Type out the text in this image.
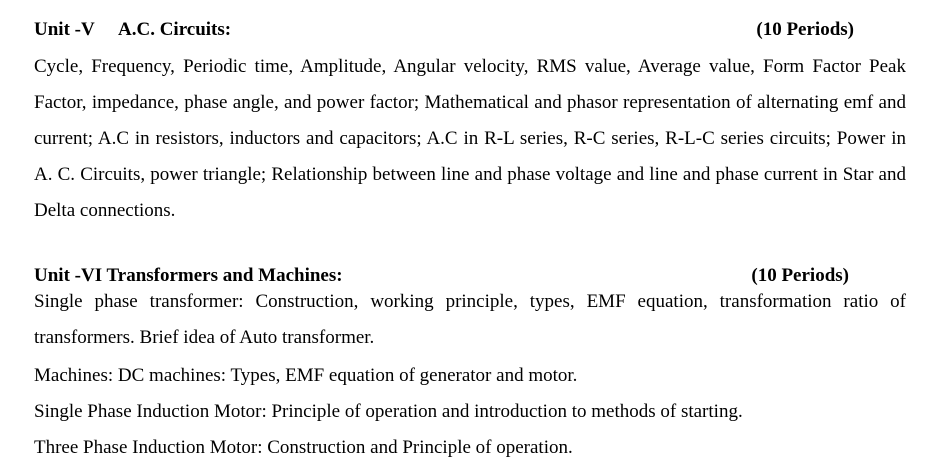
Unit -V A.C. Circuits:	(10 Periods)
Cycle, Frequency, Periodic time, Amplitude, Angular velocity, RMS value, Average value, Form Factor Peak Factor, impedance, phase angle, and power factor; Mathematical and phasor representation of alternating emf and current; A.C in resistors, inductors and capacitors; A.C in R-L series, R-C series, R-L-C series circuits; Power in A. C. Circuits, power triangle; Relationship between line and phase voltage and line and phase current in Star and Delta connections.
Unit -VI Transformers and Machines:	(10 Periods)
Single phase transformer: Construction, working principle, types, EMF equation, transformation ratio of transformers. Brief idea of Auto transformer.
Machines: DC machines: Types, EMF equation of generator and motor.
Single Phase Induction Motor: Principle of operation and introduction to methods of starting.
Three Phase Induction Motor: Construction and Principle of operation.
